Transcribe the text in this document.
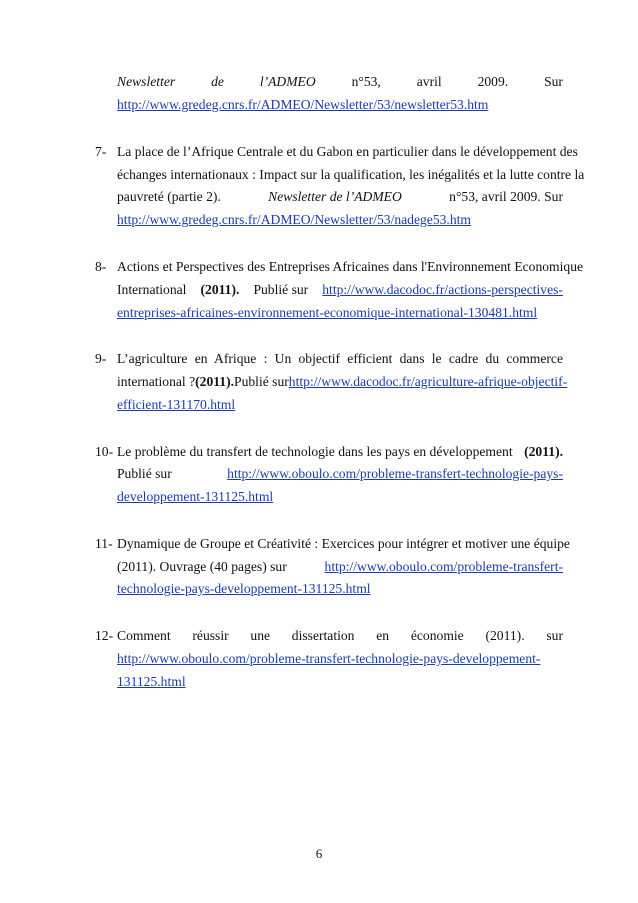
Newsletter	de	l’ADMEO	n°53,	avril	2009.	Sur
http://www.gredeg.cnrs.fr/ADMEO/Newsletter/53/newsletter53.htm
7- La place de l’Afrique Centrale et du Gabon en particulier dans le développement des
échanges internationaux : Impact sur la qualification, les inégalités et la lutte contre la
pauvreté (partie 2).	Newsletter de l’ADMEO	n°53, avril 2009. Sur
http://www.gredeg.cnrs.fr/ADMEO/Newsletter/53/nadege53.htm
8- Actions et Perspectives des Entreprises Africaines dans l'Environnement Economique
International (2011). Publié sur http://www.dacodoc.fr/actions-perspectives-
entreprises-africaines-environnement-economique-international-130481.html
9- L’agriculture en Afrique : Un objectif efficient dans le cadre du commerce
international ? (2011). Publié sur http://www.dacodoc.fr/agriculture-afrique-objectif-
efficient-131170.html
10- Le problème du transfert de technologie dans les pays en développement (2011).
Publié sur	http://www.oboulo.com/probleme-transfert-technologie-pays-
developpement-131125.html
11- Dynamique de Groupe et Créativité : Exercices pour intégrer et motiver une équipe
(2011). Ouvrage (40 pages) sur	http://www.oboulo.com/probleme-transfert-
technologie-pays-developpement-131125.html
12- Comment réussir une dissertation en économie (2011). sur
http://www.oboulo.com/probleme-transfert-technologie-pays-developpement-
131125.html
6
